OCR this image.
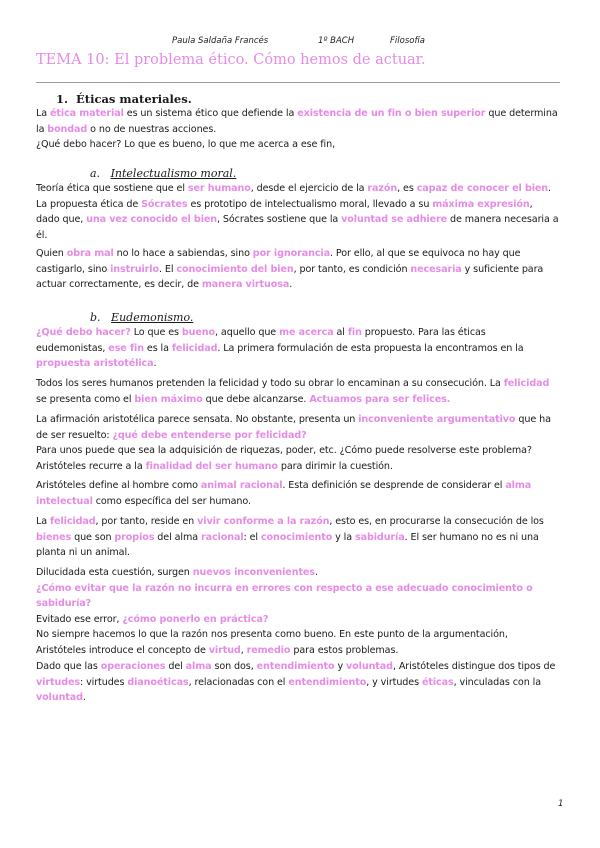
Paula Saldaña Francés	1º BACH	Filosofía
TEMA 10: El problema ético. Cómo hemos de actuar.
1. Éticas materiales.
La ética material es un sistema ético que defiende la existencia de un fin o bien superior que determina
la bondad o no de nuestras acciones.
¿Qué debo hacer? Lo que es bueno, lo que me acerca a ese fin,
a. Intelectualismo moral.
Teoría ética que sostiene que el ser humano, desde el ejercicio de la razón, es capaz de conocer el bien.
La propuesta ética de Sócrates es prototipo de intelectualismo moral, llevado a su máxima expresión,
dado que, una vez conocido el bien, Sócrates sostiene que la voluntad se adhiere de manera necesaria a
él.
Quien obra mal no lo hace a sabiendas, sino por ignorancia. Por ello, al que se equivoca no hay que
castigarlo, sino instruirlo. El conocimiento del bien, por tanto, es condición necesaria y suficiente para
actuar correctamente, es decir, de manera virtuosa.
b. Eudemonismo.
¿Qué debo hacer? Lo que es bueno, aquello que me acerca al fin propuesto. Para las éticas
eudemonistas, ese fin es la felicidad. La primera formulación de esta propuesta la encontramos en la
propuesta aristotélica.
Todos los seres humanos pretenden la felicidad y todo su obrar lo encaminan a su consecución. La felicidad
se presenta como el bien máximo que debe alcanzarse. Actuamos para ser felices.
La afirmación aristotélica parece sensata. No obstante, presenta un inconveniente argumentativo que ha
de ser resuelto: ¿qué debe entenderse por felicidad?
Para unos puede que sea la adquisición de riquezas, poder, etc. ¿Cómo puede resolverse este problema?
Aristóteles recurre a la finalidad del ser humano para dirimir la cuestión.
Aristóteles define al hombre como animal racional. Esta definición se desprende de considerar el alma
intelectual como específica del ser humano.
La felicidad, por tanto, reside en vivir conforme a la razón, esto es, en procurarse la consecución de los
bienes que son propios del alma racional: el conocimiento y la sabiduría. El ser humano no es ni una
planta ni un animal.
Dilucidada esta cuestión, surgen nuevos inconvenientes.
¿Cómo evitar que la razón no incurra en errores con respecto a ese adecuado conocimiento o
sabiduría?
Evitado ese error, ¿cómo ponerlo en práctica?
No siempre hacemos lo que la razón nos presenta como bueno. En este punto de la argumentación,
Aristóteles introduce el concepto de virtud, remedio para estos problemas.
Dado que las operaciones del alma son dos, entendimiento y voluntad, Aristóteles distingue dos tipos de
virtudes: virtudes dianoéticas, relacionadas con el entendimiento, y virtudes éticas, vinculadas con la
voluntad.
1
